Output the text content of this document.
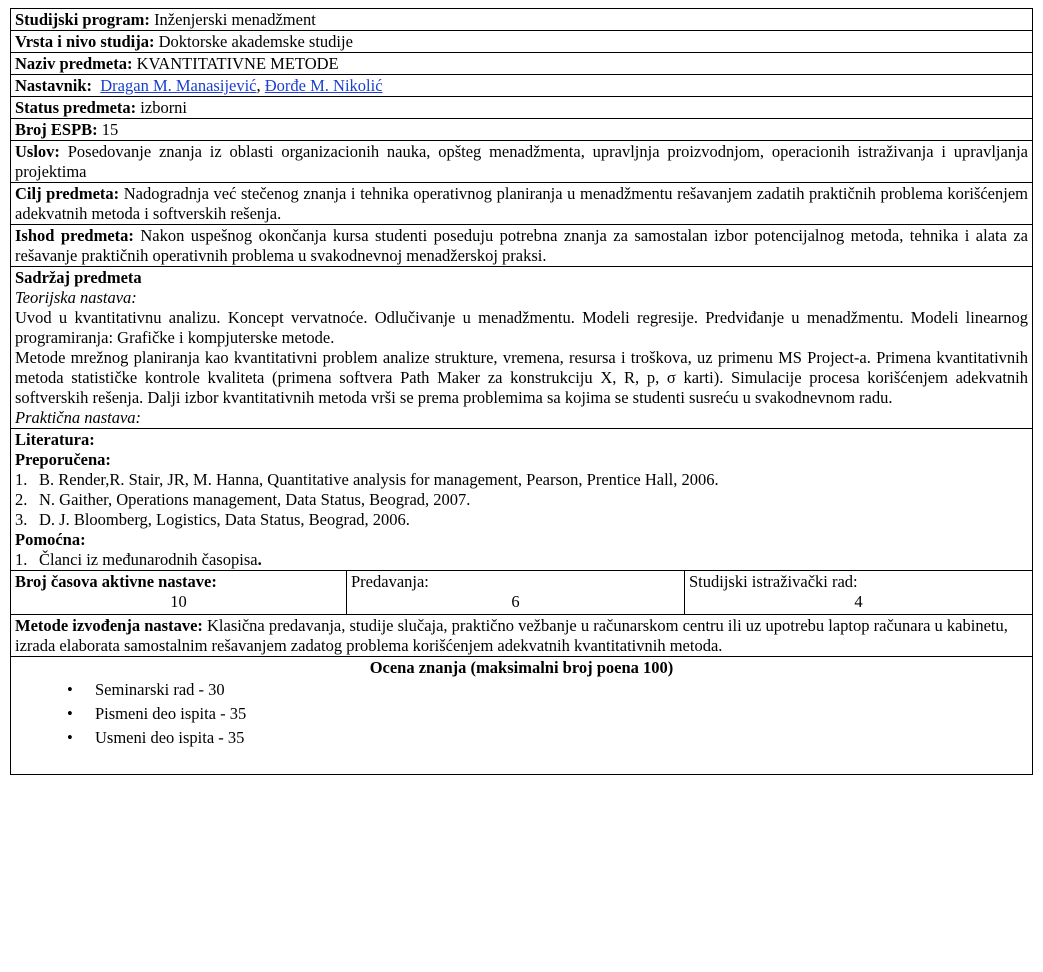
Studijski program: Inženjerski menadžment
Vrsta i nivo studija: Doktorske akademske studije
Naziv predmeta: KVANTITATIVNE METODE
Nastavnik: Dragan M. Manasijević, Đorđe M. Nikolić
Status predmeta: izborni
Broj ESPB: 15
Uslov: Posedovanje znanja iz oblasti organizacionih nauka, opšteg menadžmenta, upravljnja proizvodnjom, operacionih istraživanja i upravljanja projektima
Cilj predmeta: Nadogradnja već stečenog znanja i tehnika operativnog planiranja u menadžmentu rešavanjem zadatih praktičnih problema korišćenjem adekvatnih metoda i softverskih rešenja.
Ishod predmeta: Nakon uspešnog okončanja kursa studenti poseduju potrebna znanja za samostalan izbor potencijalnog metoda, tehnika i alata za rešavanje praktičnih operativnih problema u svakodnevnoj menadžerskoj praksi.
Sadržaj predmeta
Teorijska nastava:
Uvod u kvantitativnu analizu. Koncept vervatnoće. Odlučivanje u menadžmentu. Modeli regresije. Predviđanje u menadžmentu. Modeli linearnog programiranja: Grafičke i kompjuterske metode.
Metode mrežnog planiranja kao kvantitativni problem analize strukture, vremena, resursa i troškova, uz primenu MS Project-a. Primena kvantitativnih metoda statističke kontrole kvaliteta (primena softvera Path Maker za konstrukciju X, R, p, σ karti). Simulacije procesa korišćenjem adekvatnih softverskih rešenja. Dalji izbor kvantitativnih metoda vrši se prema problemima sa kojima se studenti susreću u svakodnevnom radu.
Praktična nastava:
Literatura:
Preporučena:
1. B. Render,R. Stair, JR, M. Hanna, Quantitative analysis for management, Pearson, Prentice Hall, 2006.
2. N. Gaither, Operations management, Data Status, Beograd, 2007.
3. D. J. Bloomberg, Logistics, Data Status, Beograd, 2006.
Pomoćna:
1. Članci iz međunarodnih časopisa.
Broj časova aktivne nastave:
10
Predavanja:
6
Studijski istraživački rad:
4
Metode izvođenja nastave: Klasična predavanja, studije slučaja, praktično vežbanje u računarskom centru ili uz upotrebu laptop računara u kabinetu, izrada elaborata samostalnim rešavanjem zadatog problema korišćenjem adekvatnih kvantitativnih metoda.
Ocena znanja (maksimalni broj poena 100)
• Seminarski rad - 30
• Pismeni deo ispita - 35
• Usmeni deo ispita - 35
